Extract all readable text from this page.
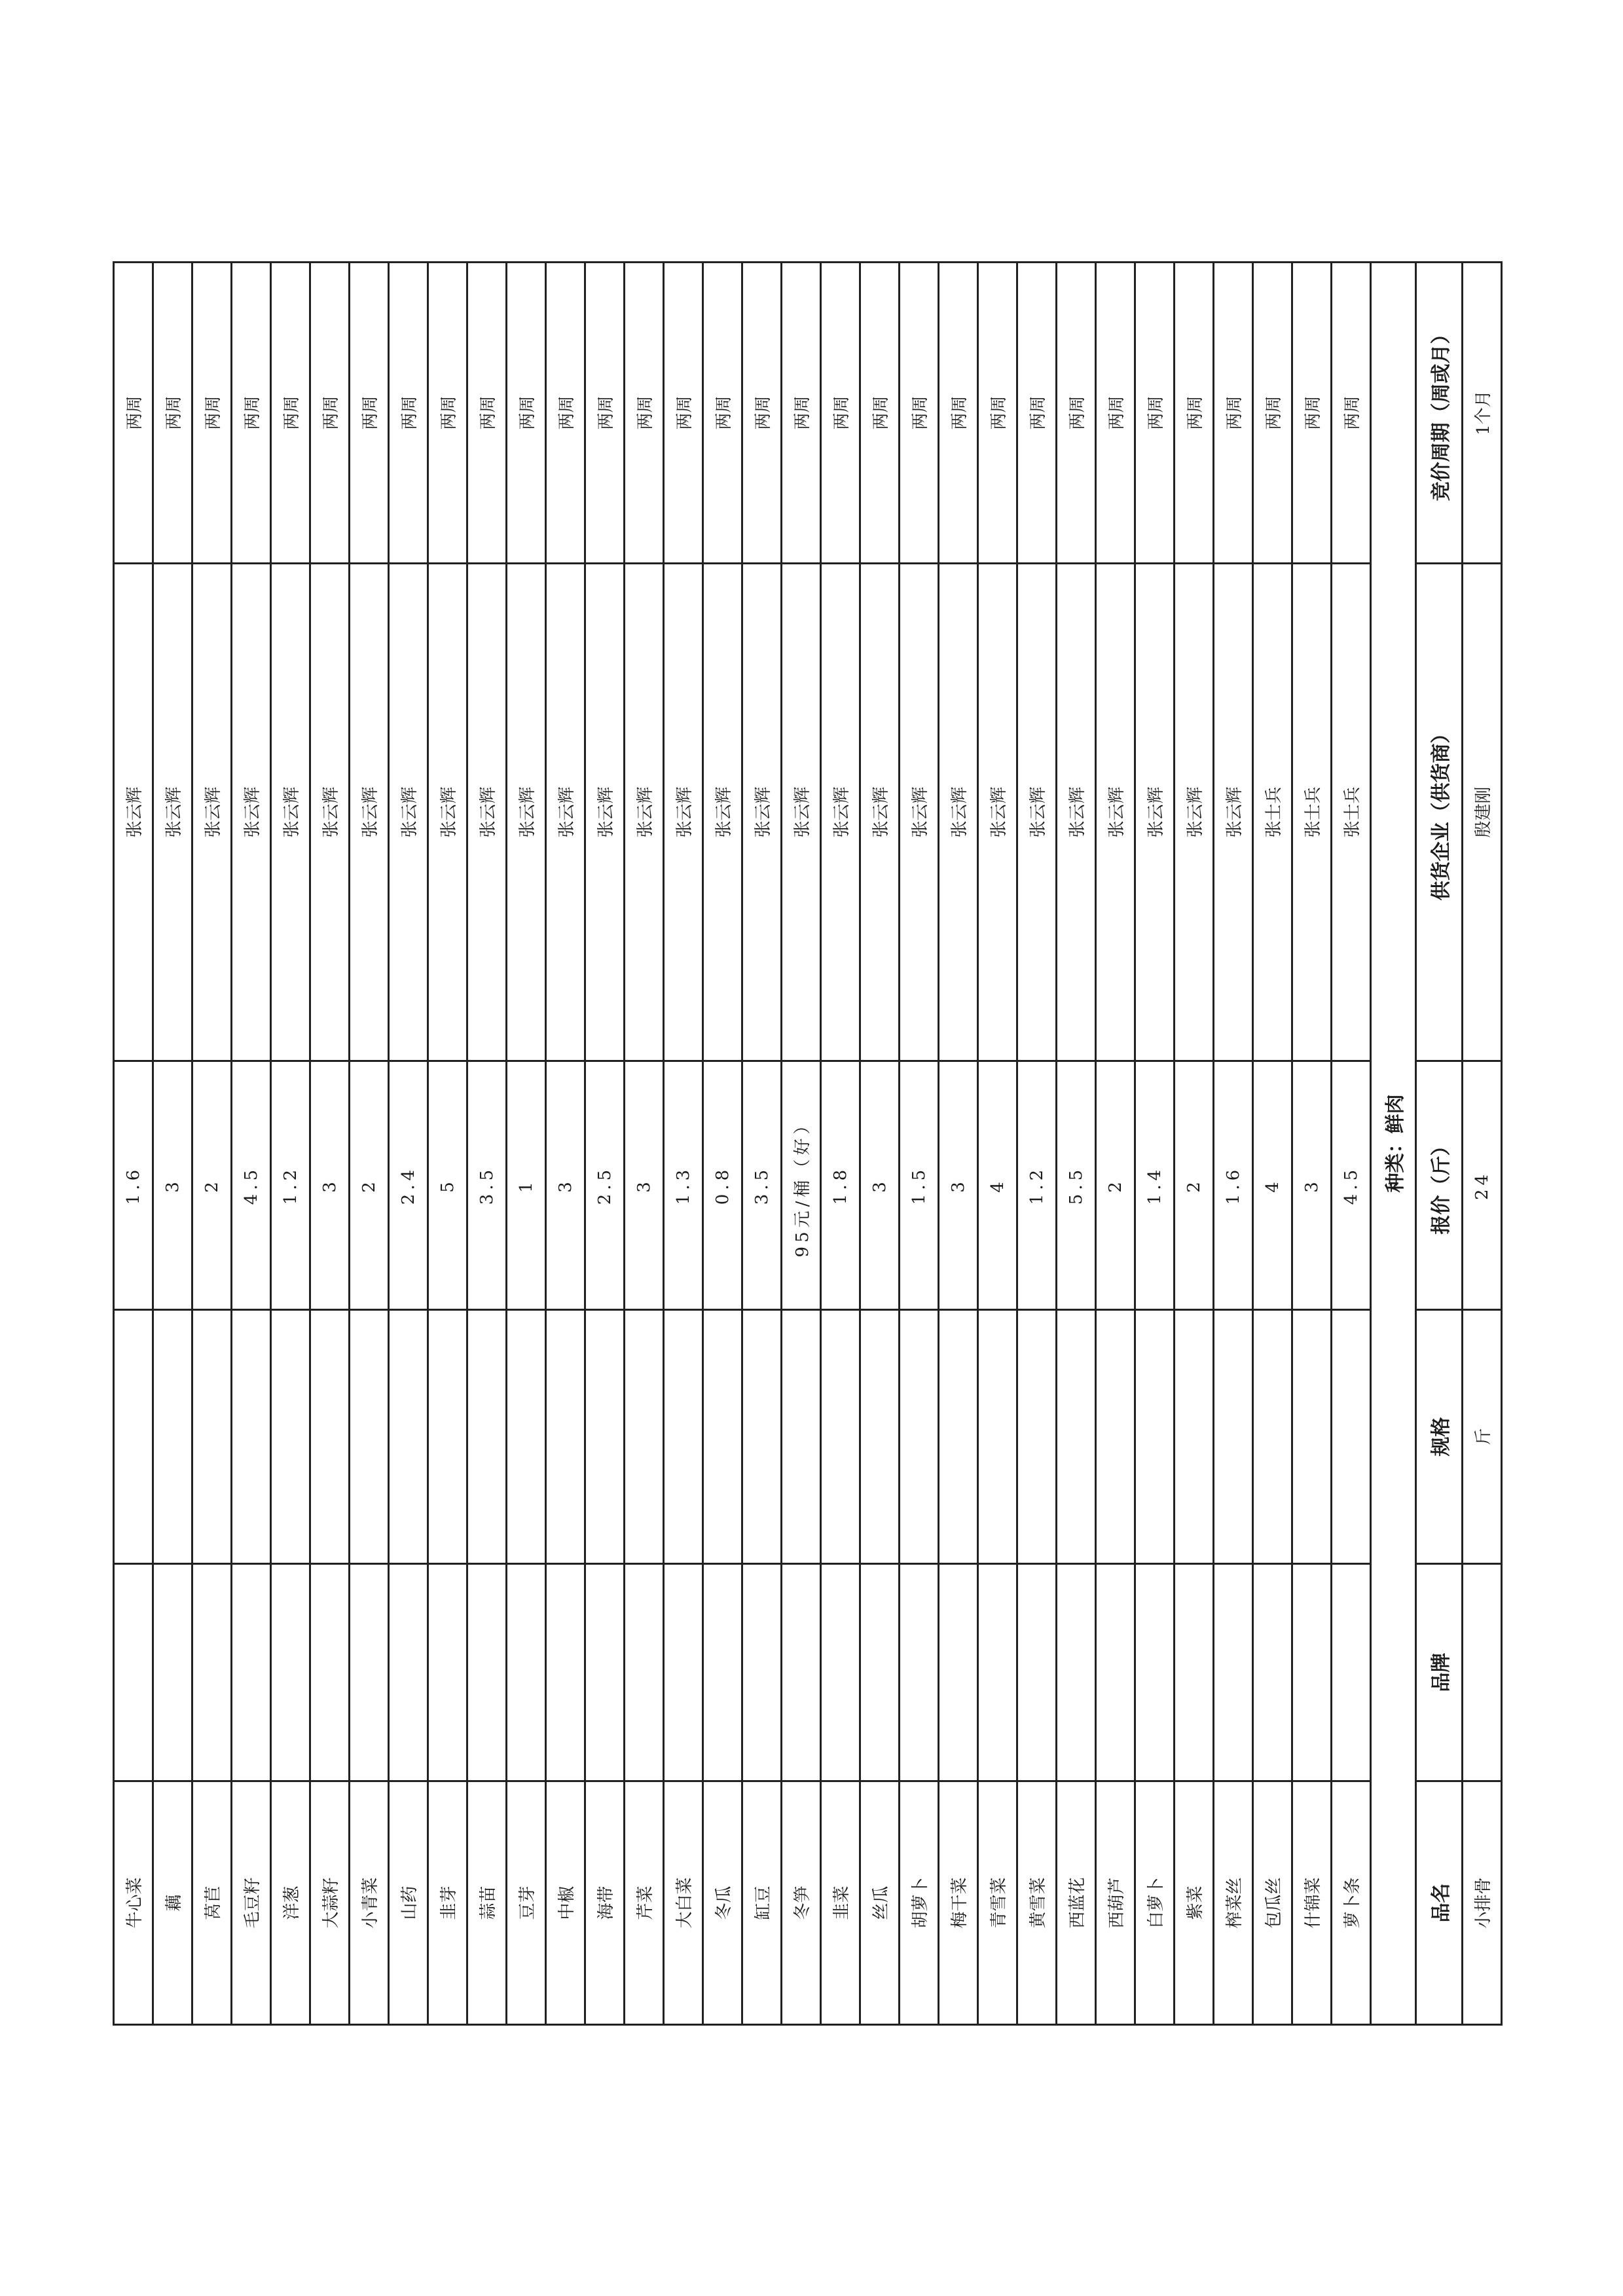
牛心菜			1.6	张云辉	两周
藕			3	张云辉	两周
莴苣			2	张云辉	两周
毛豆籽			4.5	张云辉	两周
洋葱			1.2	张云辉	两周
大蒜籽			3	张云辉	两周
小青菜			2	张云辉	两周
山药			2.4	张云辉	两周
韭芽			5	张云辉	两周
蒜苗			3.5	张云辉	两周
豆芽			1	张云辉	两周
中椒			3	张云辉	两周
海带			2.5	张云辉	两周
芹菜			3	张云辉	两周
大白菜			1.3	张云辉	两周
冬瓜			0.8	张云辉	两周
缸豆			3.5	张云辉	两周
冬笋			95元/桶（好）	张云辉	两周
韭菜			1.8	张云辉	两周
丝瓜			3	张云辉	两周
胡萝卜			1.5	张云辉	两周
梅干菜			3	张云辉	两周
青雪菜			4	张云辉	两周
黄雪菜			1.2	张云辉	两周
西蓝花			5.5	张云辉	两周
西葫芦			2	张云辉	两周
白萝卜			1.4	张云辉	两周
紫菜			2	张云辉	两周
榨菜丝			1.6	张云辉	两周
包瓜丝			4	张士兵	两周
什锦菜			3	张士兵	两周
萝卜条			4.5	张士兵	两周
种类：鲜肉					
品名	品牌	规格	报价（斤）	供货企业（供货商）	竞价周期（周或月）
小排骨		斤	24	殷建刚	1个月
